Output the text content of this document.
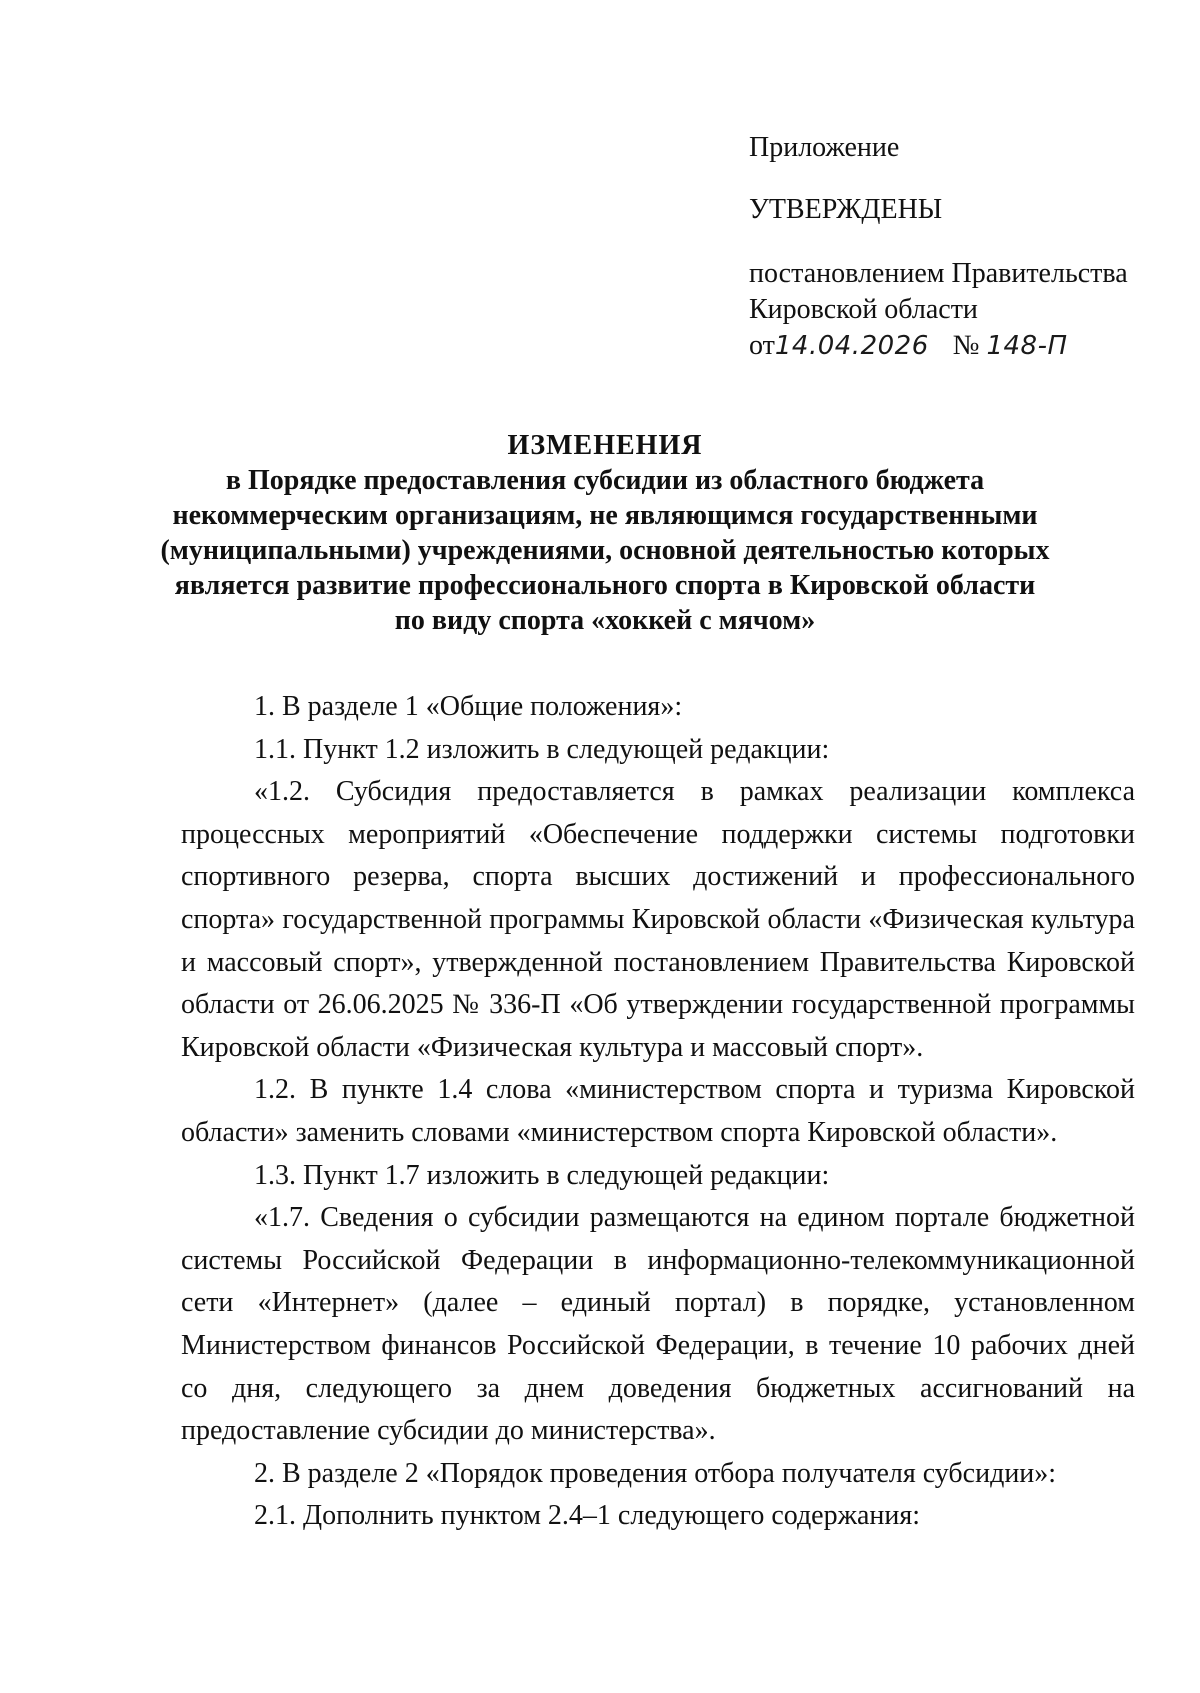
Приложение
УТВЕРЖДЕНЫ
постановлением Правительства
Кировской области
от14.04.2026 № 148-П
ИЗМЕНЕНИЯ
в Порядке предоставления субсидии из областного бюджета
некоммерческим организациям, не являющимся государственными
(муниципальными) учреждениями, основной деятельностью которых
является развитие профессионального спорта в Кировской области
по виду спорта «хоккей с мячом»

1. В разделе 1 «Общие положения»:

1.1. Пункт 1.2 изложить в следующей редакции:

«1.2. Субсидия предоставляется в рамках реализации комплекса процессных мероприятий «Обеспечение поддержки системы подготовки спортивного резерва, спорта высших достижений и профессионального спорта» государственной программы Кировской области «Физическая культура и массовый спорт», утвержденной постановлением Правительства Кировской области от 26.06.2025 № 336-П «Об утверждении государственной программы Кировской области «Физическая культура и массовый спорт».

1.2. В пункте 1.4 слова «министерством спорта и туризма Кировской области» заменить словами «министерством спорта Кировской области».

1.3. Пункт 1.7 изложить в следующей редакции:

«1.7. Сведения о субсидии размещаются на едином портале бюджетной системы Российской Федерации в информационно-телекоммуникационной сети «Интернет» (далее – единый портал) в порядке, установленном Министерством финансов Российской Федерации, в течение 10 рабочих дней со дня, следующего за днем доведения бюджетных ассигнований на предоставление субсидии до министерства».

2. В разделе 2 «Порядок проведения отбора получателя субсидии»:

2.1. Дополнить пунктом 2.4–1 следующего содержания:
